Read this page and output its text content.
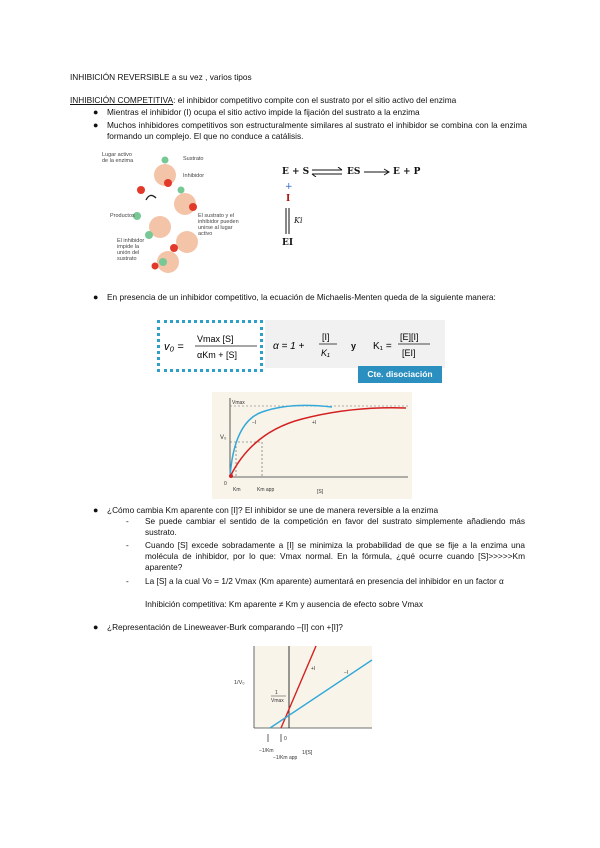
INHIBICIÓN REVERSIBLE a su vez , varios tipos
INHIBICIÓN COMPETITIVA: el inhibidor competitivo compite con el sustrato por el sitio activo del enzima
● Mientras el inhibidor (I) ocupa el sitio activo impide la fijación del sustrato a la enzima
● Muchos inhibidores competitivos son estructuralmente similares al sustrato el inhibidor se combina con la enzima formando un complejo. El que no conduce a catálisis.
Lugar activo de la enzima	Sustrato
Inhibidor
Productos	El sustrato y el inhibidor pueden unirse al lugar activo
El inhibidor impide la unión del sustrato
E + S	ES → E + P
+
I
Ki
EI
● En presencia de un inhibidor competitivo, la ecuación de Michaelis-Menten queda de la siguiente manera:
v₀ =
Vmax [S]
αKm + [S]
α = 1 +
[I]
K₁
K₁ =
[E][I]
[EI]
y
Cte. disociación
Vmax
V₀
0
Km	Km app	[S]
−I	+I
● ¿Cómo cambia Km aparente con [I]? El inhibidor se une de manera reversible a la enzima
- Se puede cambiar el sentido de la competición en favor del sustrato simplemente añadiendo más sustrato.
- Cuando [S] excede sobradamente a [I] se minimiza la probabilidad de que se fije a la enzima una molécula de inhibidor, por lo que: Vmax normal. En la fórmula, ¿qué ocurre cuando [S]>>>>>Km aparente?
- La [S] a la cual Vo = 1/2 Vmax (Km aparente) aumentará en presencia del inhibidor en un factor α
Inhibición competitiva: Km aparente ≠ Km y ausencia de efecto sobre Vmax
● ¿Representación de Lineweaver-Burk comparando –[I] con +[I]?
1/V₀
1
Vmax
+I
−I
0
−1/Km
−1/Km app
1/[S]
